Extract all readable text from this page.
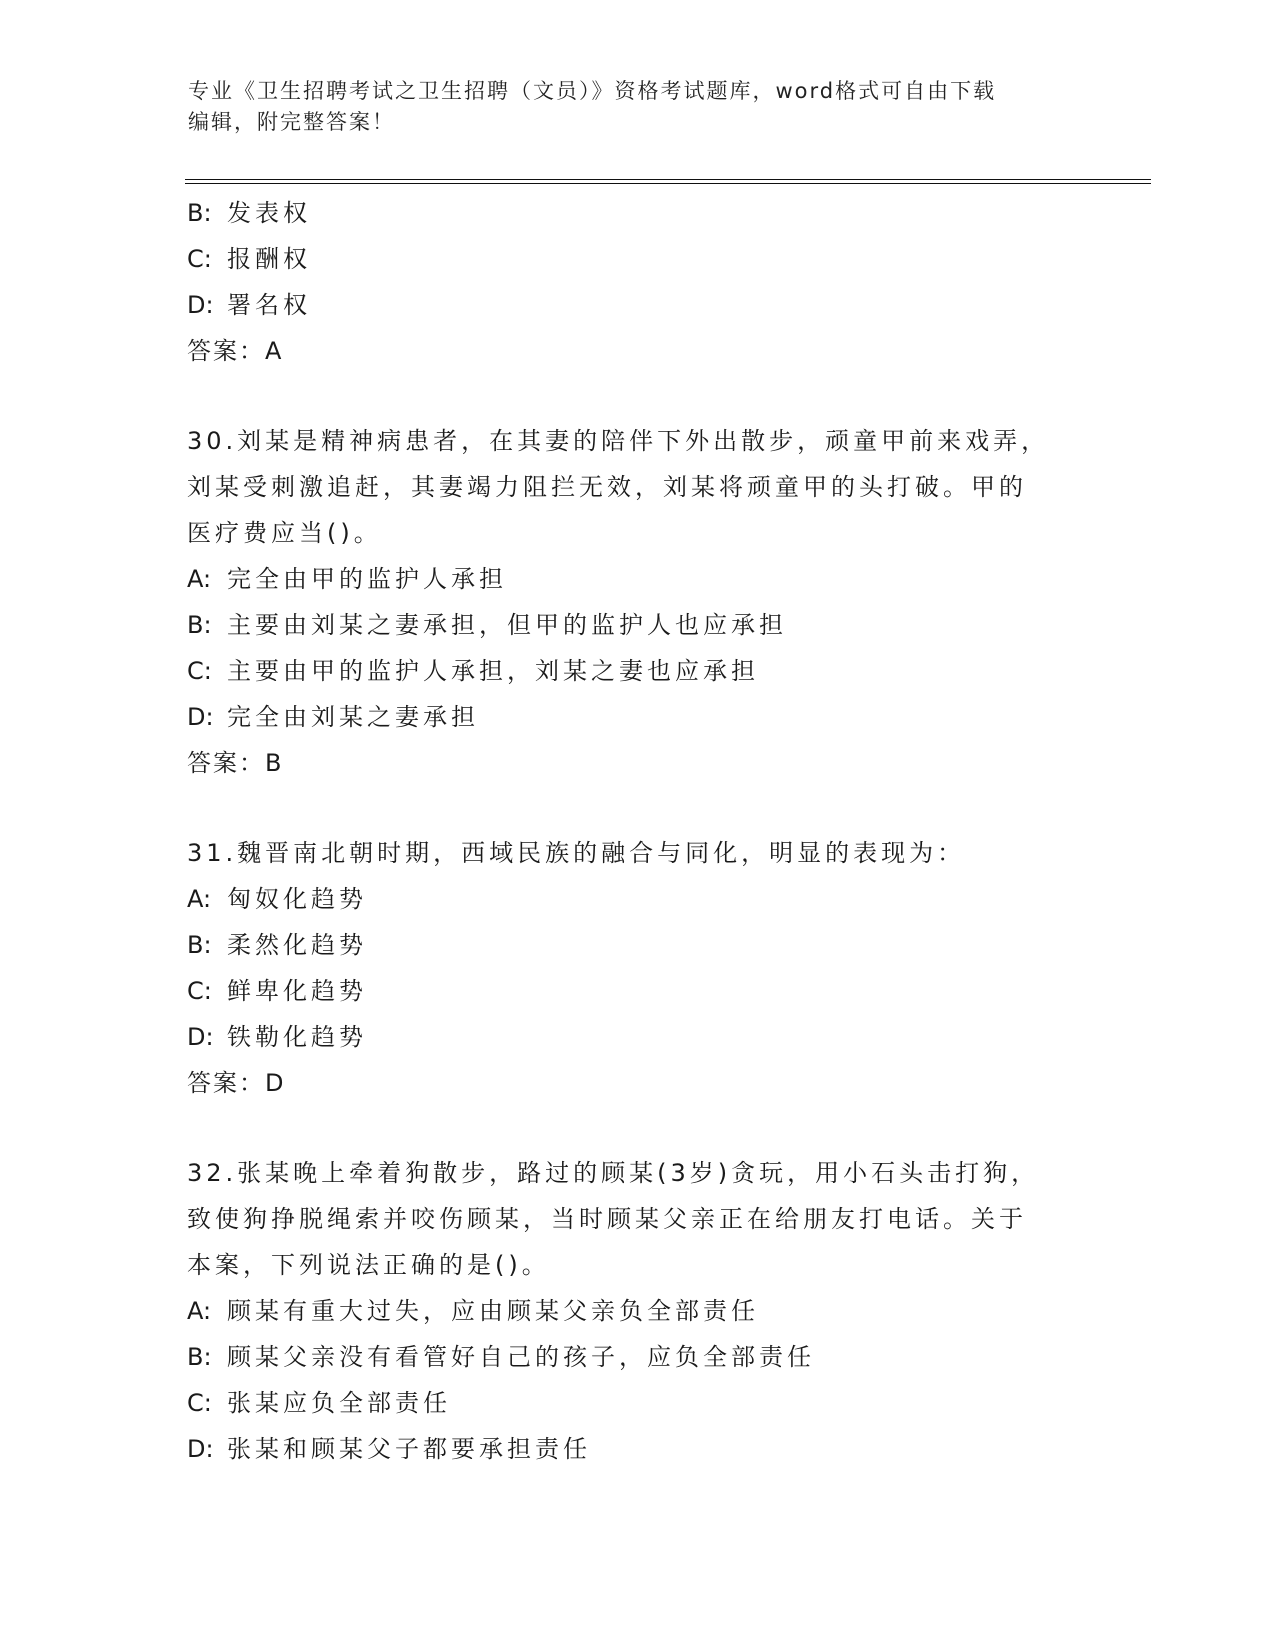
专业《卫生招聘考试之卫生招聘（文员）》资格考试题库，word格式可自由下载
编辑，附完整答案！
B: 发表权
C: 报酬权
D: 署名权
答案：A
30.刘某是精神病患者，在其妻的陪伴下外出散步，顽童甲前来戏弄，
刘某受刺激追赶，其妻竭力阻拦无效，刘某将顽童甲的头打破。甲的
医疗费应当()。
A: 完全由甲的监护人承担
B: 主要由刘某之妻承担，但甲的监护人也应承担
C: 主要由甲的监护人承担，刘某之妻也应承担
D: 完全由刘某之妻承担
答案：B
31.魏晋南北朝时期，西域民族的融合与同化，明显的表现为：
A: 匈奴化趋势
B: 柔然化趋势
C: 鲜卑化趋势
D: 铁勒化趋势
答案：D
32.张某晚上牵着狗散步，路过的顾某(3岁)贪玩，用小石头击打狗，
致使狗挣脱绳索并咬伤顾某，当时顾某父亲正在给朋友打电话。关于
本案，下列说法正确的是()。
A: 顾某有重大过失，应由顾某父亲负全部责任
B: 顾某父亲没有看管好自己的孩子，应负全部责任
C: 张某应负全部责任
D: 张某和顾某父子都要承担责任
